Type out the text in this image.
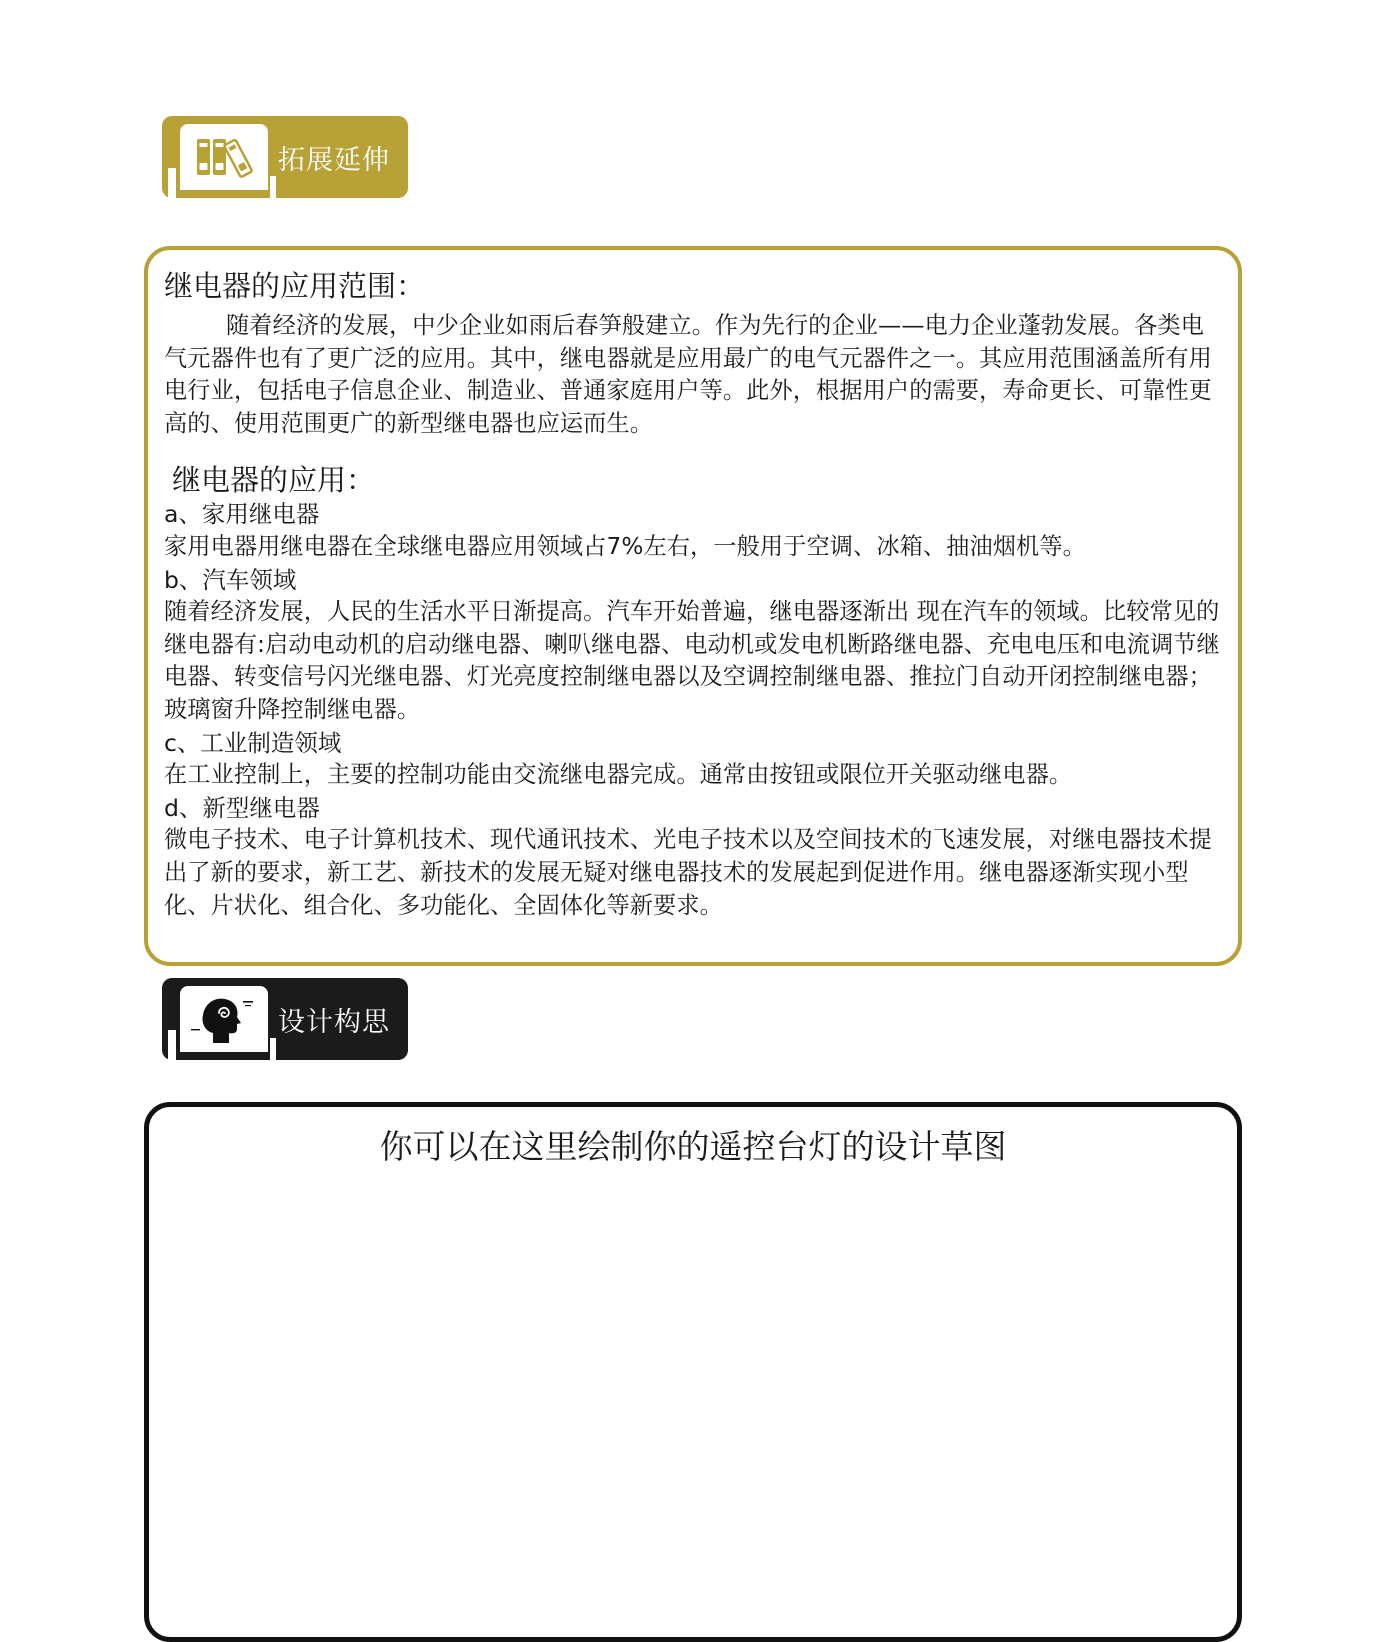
拓展延伸
继电器的应用范围：

随着经济的发展，中少企业如雨后春笋般建立。作为先行的企业——电力企业蓬勃发展。各类电气元器件也有了更广泛的应用。其中，继电器就是应用最广的电气元器件之一。其应用范围涵盖所有用电行业，包括电子信息企业、制造业、普通家庭用户等。此外，根据用户的需要，寿命更长、可靠性更高的、使用范围更广的新型继电器也应运而生。

继电器的应用：

a、家用继电器

家用电器用继电器在全球继电器应用领域占7%左右，一般用于空调、冰箱、抽油烟机等。

b、汽车领域

随着经济发展，人民的生活水平日渐提高。汽车开始普遍，继电器逐渐出 现在汽车的领域。比较常见的继电器有:启动电动机的启动继电器、喇叭继电器、电动机或发电机断路继电器、充电电压和电流调节继电器、转变信号闪光继电器、灯光亮度控制继电器以及空调控制继电器、推拉门自动开闭控制继电器；玻璃窗升降控制继电器。

c、工业制造领域

在工业控制上，主要的控制功能由交流继电器完成。通常由按钮或限位开关驱动继电器。

d、新型继电器

微电子技术、电子计算机技术、现代通讯技术、光电子技术以及空间技术的飞速发展，对继电器技术提出了新的要求，新工艺、新技术的发展无疑对继电器技术的发展起到促进作用。继电器逐渐实现小型化、片状化、组合化、多功能化、全固体化等新要求。

设计构思
你可以在这里绘制你的遥控台灯的设计草图
